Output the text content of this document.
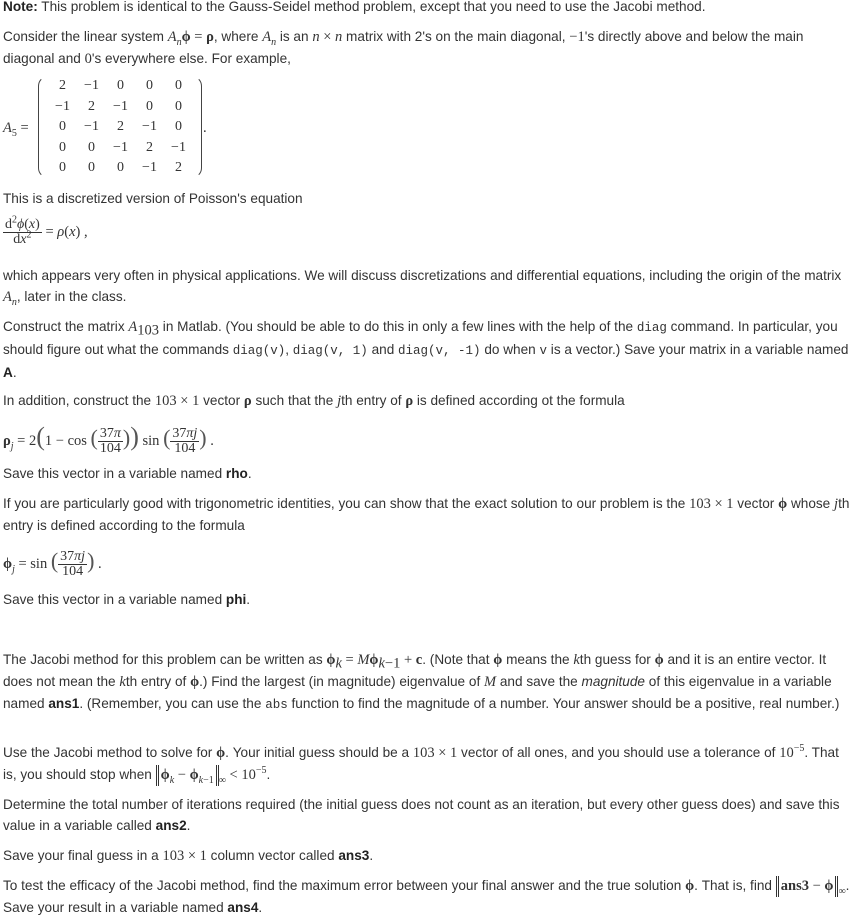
Note: This problem is identical to the Gauss-Seidel method problem, except that you need to use the Jacobi method.

Consider the linear system $A_n\phi = \rho$, where $A_n$ is an n × n matrix with 2's on the main diagonal, −1's directly above and below the main diagonal and 0's everywhere else. For example,

$A_5$ =
2	−1	0	0	0
−1	2	−1	0	0
0	−1	2	−1	0
0	0	−1	2	−1
0	0	0	−1	2
.

This is a discretized version of Poisson's equation

$\frac{d^2\phi(x)}{dx^2} = \rho(x)$ ,

which appears very often in physical applications. We will discuss discretizations and differential equations, including the origin of the matrix $A_n$, later in the class.

Construct the matrix $A_{103}$ in Matlab. (You should be able to do this in only a few lines with the help of the diag command. In particular, you should figure out what the commands diag(v), diag(v, 1) and diag(v, -1) do when v is a vector.) Save your matrix in a variable named A.

In addition, construct the 103 × 1 vector ρ such that the jth entry of ρ is defined according ot the formula

$\rho_j = 2(1 - \cos$ ( $\frac{37\pi}{104}$ )) sin ( $\frac{37\pi j}{104}$ ) .

Save this vector in a variable named rho.

If you are particularly good with trigonometric identities, you can show that the exact solution to our problem is the 103 × 1 vector ϕ whose jth entry is defined according to the formula

$\phi_j = \sin$ ( $\frac{37\pi j}{104}$ ) .

Save this vector in a variable named phi.

The Jacobi method for this problem can be written as $\phi_k = M\phi_{k-1} + c$. (Note that ϕ means the kth guess for ϕ and it is an entire vector. It does not mean the kth entry of ϕ.) Find the largest (in magnitude) eigenvalue of M and save the magnitude of this eigenvalue in a variable named ans1. (Remember, you can use the abs function to find the magnitude of a number. Your answer should be a positive, real number.)

Use the Jacobi method to solve for ϕ. Your initial guess should be a 103 × 1 vector of all ones, and you should use a tolerance of $10^{-5}$. That is, you should stop when $\phi_k - \phi_{k-1}$ $_\infty < 10^{-5}$.

Determine the total number of iterations required (the initial guess does not count as an iteration, but every other guess does) and save this value in a variable called ans2.

Save your final guess in a 103 × 1 column vector called ans3.

To test the efficacy of the Jacobi method, find the maximum error between your final answer and the true solution ϕ. That is, find ans3 − ϕ $_\infty$. Save your result in a variable named ans4.
